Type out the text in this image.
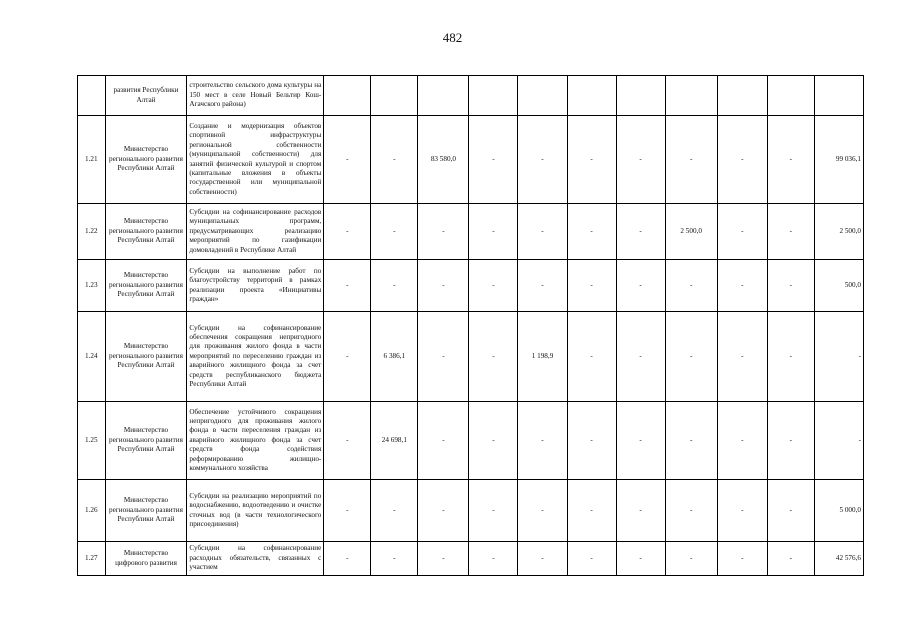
482
	развития Республики Алтай	строительство сельского дома культуры на 150 мест в селе Новый Бельтир Кош-Агачского района)											
1.21	Министерство регионального развития Республики Алтай	Создание и модернизация объектов спортивной инфраструктуры региональной собственности (муниципальной собственности) для занятий физической культурой и спортом (капитальные вложения в объекты государственной или муниципальной собственности)	-	-	83 580,0	-	-	-	-	-	-	-	99 036,1
1.22	Министерство регионального развития Республики Алтай	Субсидии на софинансирование расходов муниципальных программ, предусматривающих реализацию мероприятий по газификации домовладений в Республике Алтай	-	-	-	-	-	-	-	2 500,0	-	-	2 500,0
1.23	Министерство регионального развития Республики Алтай	Субсидии на выполнение работ по благоустройству территорий в рамках реализации проекта «Инициативы граждан»	-	-	-	-	-	-	-	-	-	-	500,0
1.24	Министерство регионального развития Республики Алтай	Субсидии на софинансирование обеспечения сокращения непригодного для проживания жилого фонда в части мероприятий по переселению граждан из аварийного жилищного фонда за счет средств республиканского бюджета Республики Алтай	-	6 386,1	-	-	1 198,9	-	-	-	-	-	-
1.25	Министерство регионального развития Республики Алтай	Обеспечение устойчивого сокращения непригодного для проживания жилого фонда в части переселения граждан из аварийного жилищного фонда за счет средств фонда содействия реформированию жилищно-коммунального хозяйства	-	24 698,1	-	-	-	-	-	-	-	-	-
1.26	Министерство регионального развития Республики Алтай	Субсидии на реализацию мероприятий по водоснабжению, водоотведению и очистке сточных вод (в части технологического присоединения)	-	-	-	-	-	-	-	-	-	-	5 000,0
1.27	Министерство цифрового развития	Субсидии на софинансирование расходных обязательств, связанных с участием	-	-	-	-	-	-	-	-	-	-	42 576,6
